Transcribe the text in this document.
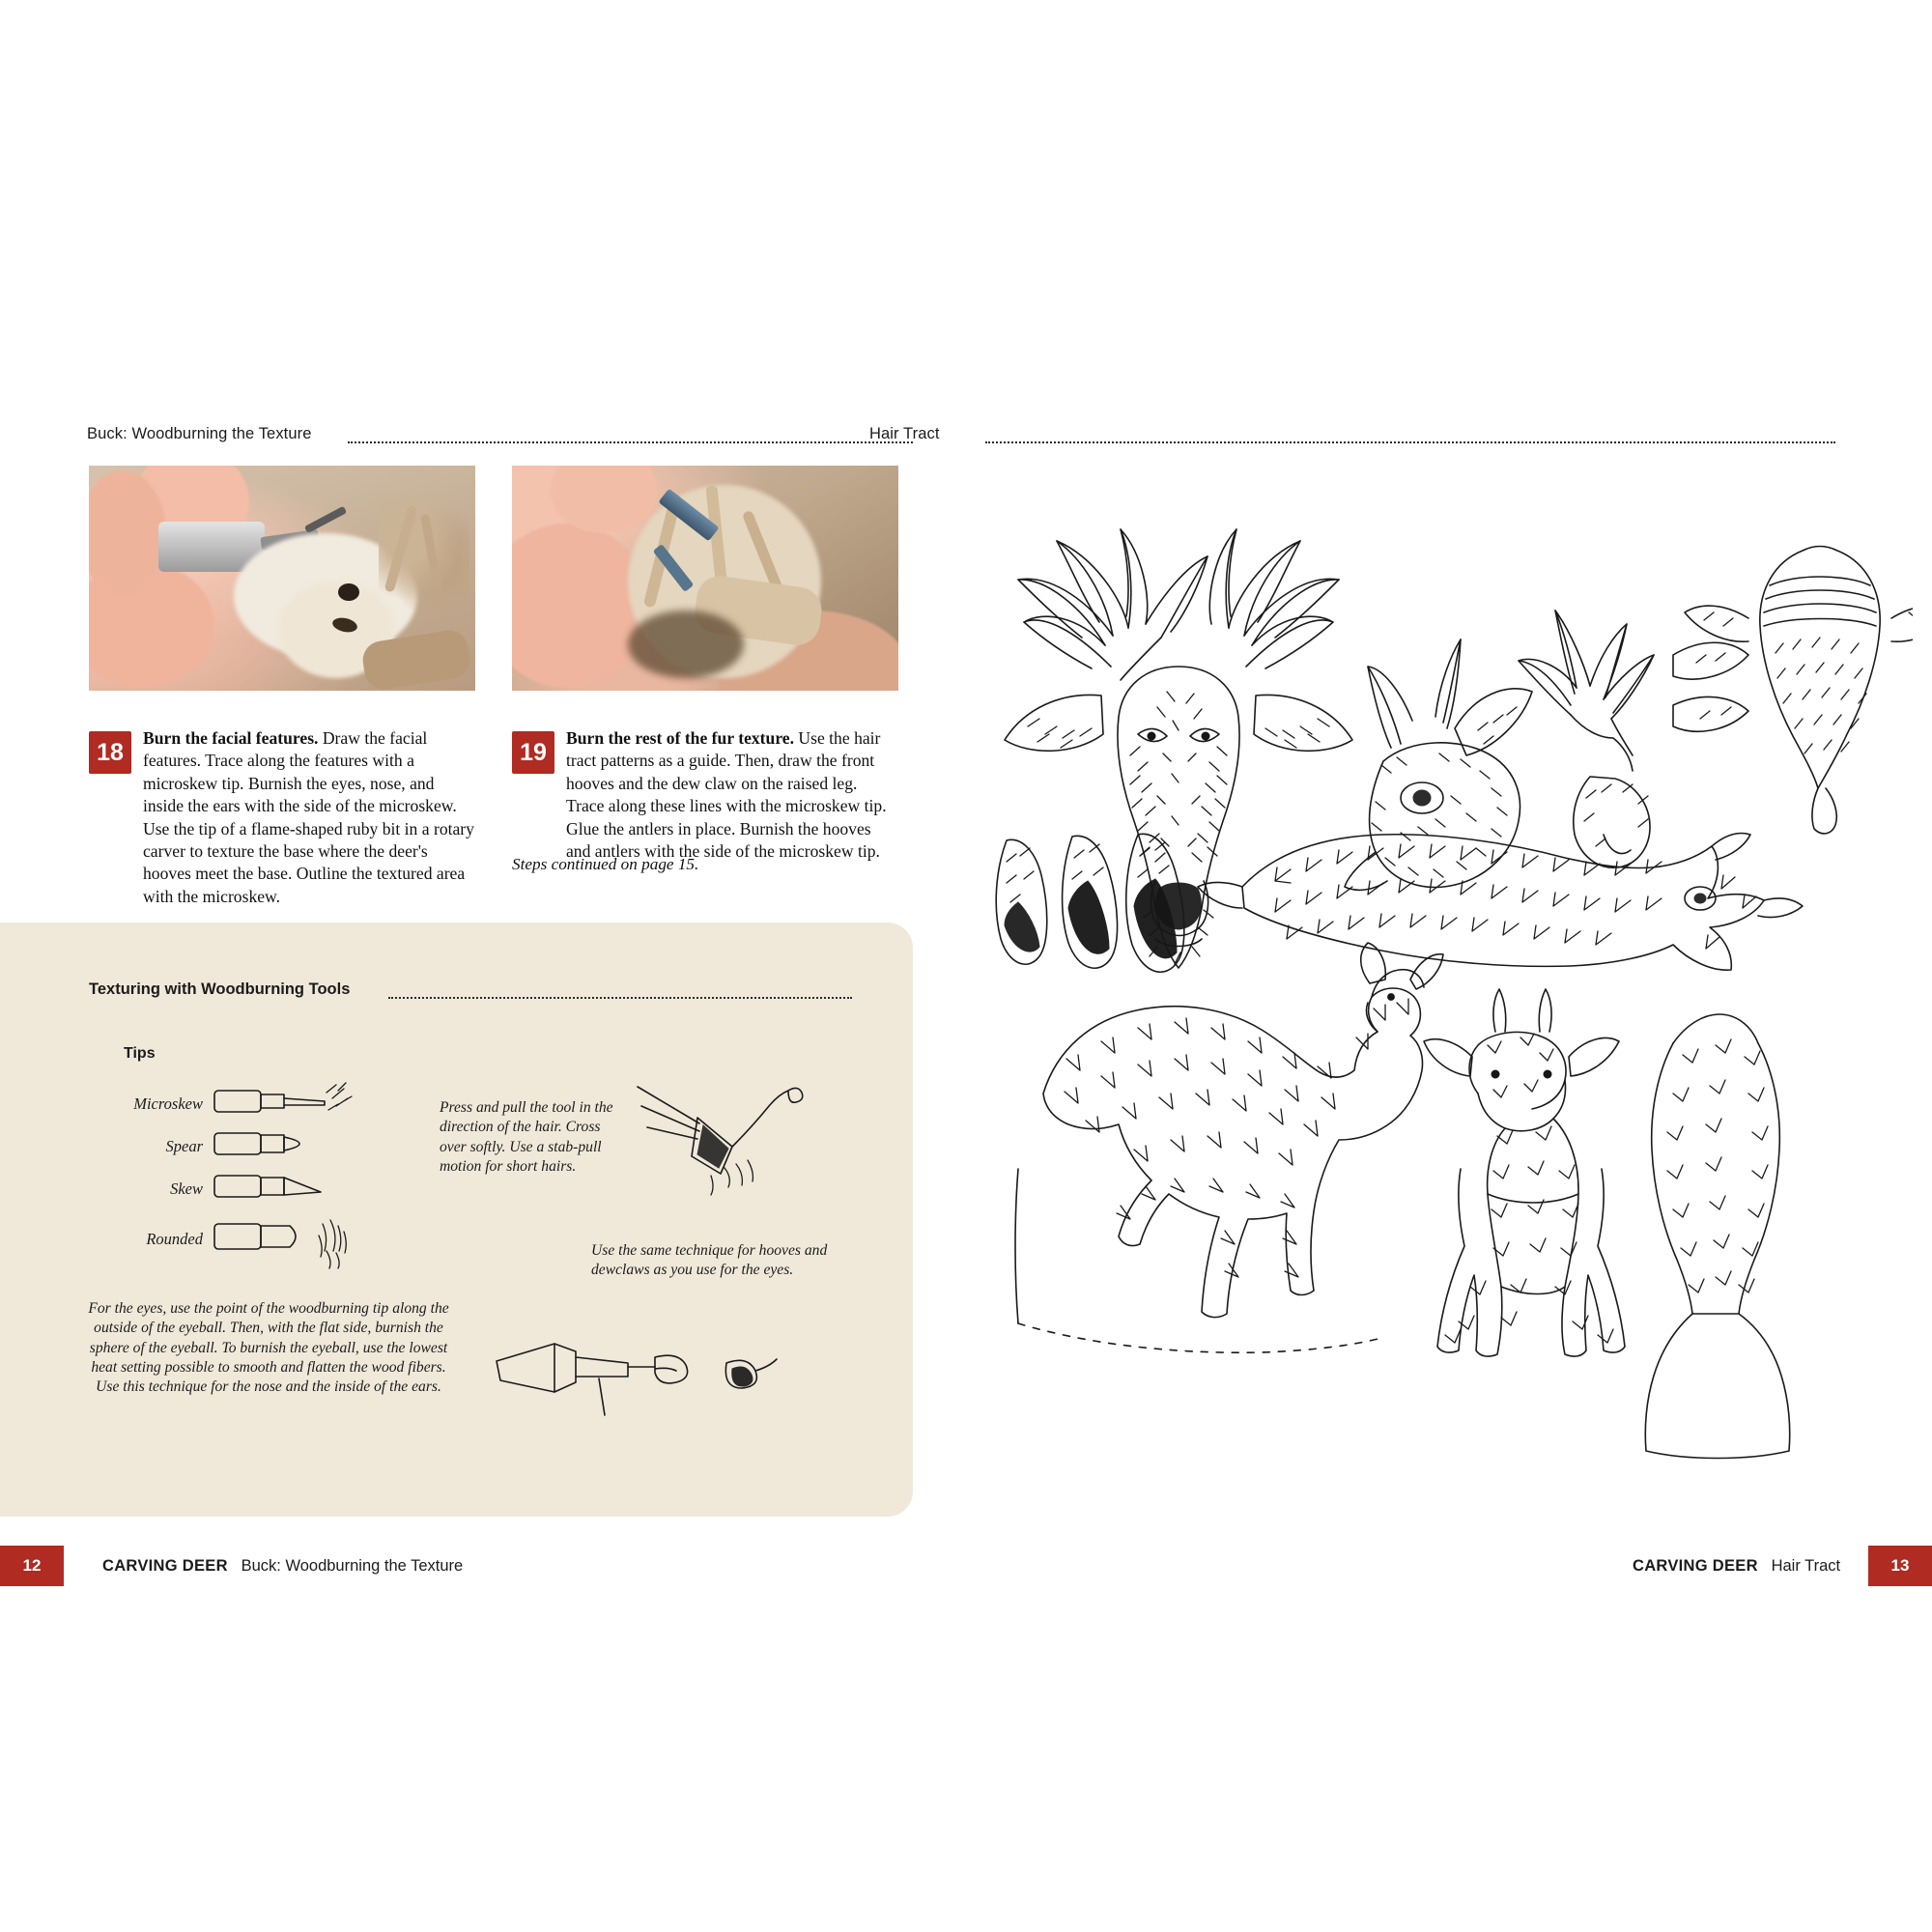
Buck: Woodburning the Texture
18
Burn the facial features. Draw the facial features. Trace along the features with a microskew tip. Burnish the eyes, nose, and inside the ears with the side of the microskew. Use the tip of a flame-shaped ruby bit in a rotary carver to texture the base where the deer's hooves meet the base. Outline the textured area with the microskew.
19
Burn the rest of the fur texture. Use the hair tract patterns as a guide. Then, draw the front hooves and the dew claw on the raised leg. Trace along these lines with the microskew tip. Glue the antlers in place. Burnish the hooves and antlers with the side of the microskew tip.
Steps continued on page 15.
Texturing with Woodburning Tools
Tips
Microskew
Spear
Skew
Rounded
Press and pull the tool in the direction of the hair. Cross over softly. Use a stab-pull motion for short hairs.
Use the same technique for hooves and dewclaws as you use for the eyes.
For the eyes, use the point of the woodburning tip along the outside of the eyeball. Then, with the flat side, burnish the sphere of the eyeball. To burnish the eyeball, use the lowest heat setting possible to smooth and flatten the wood fibers. Use this technique for the nose and the inside of the ears.
12	CARVING DEER Buck: Woodburning the Texture
Hair Tract
CARVING DEER Hair Tract	13
